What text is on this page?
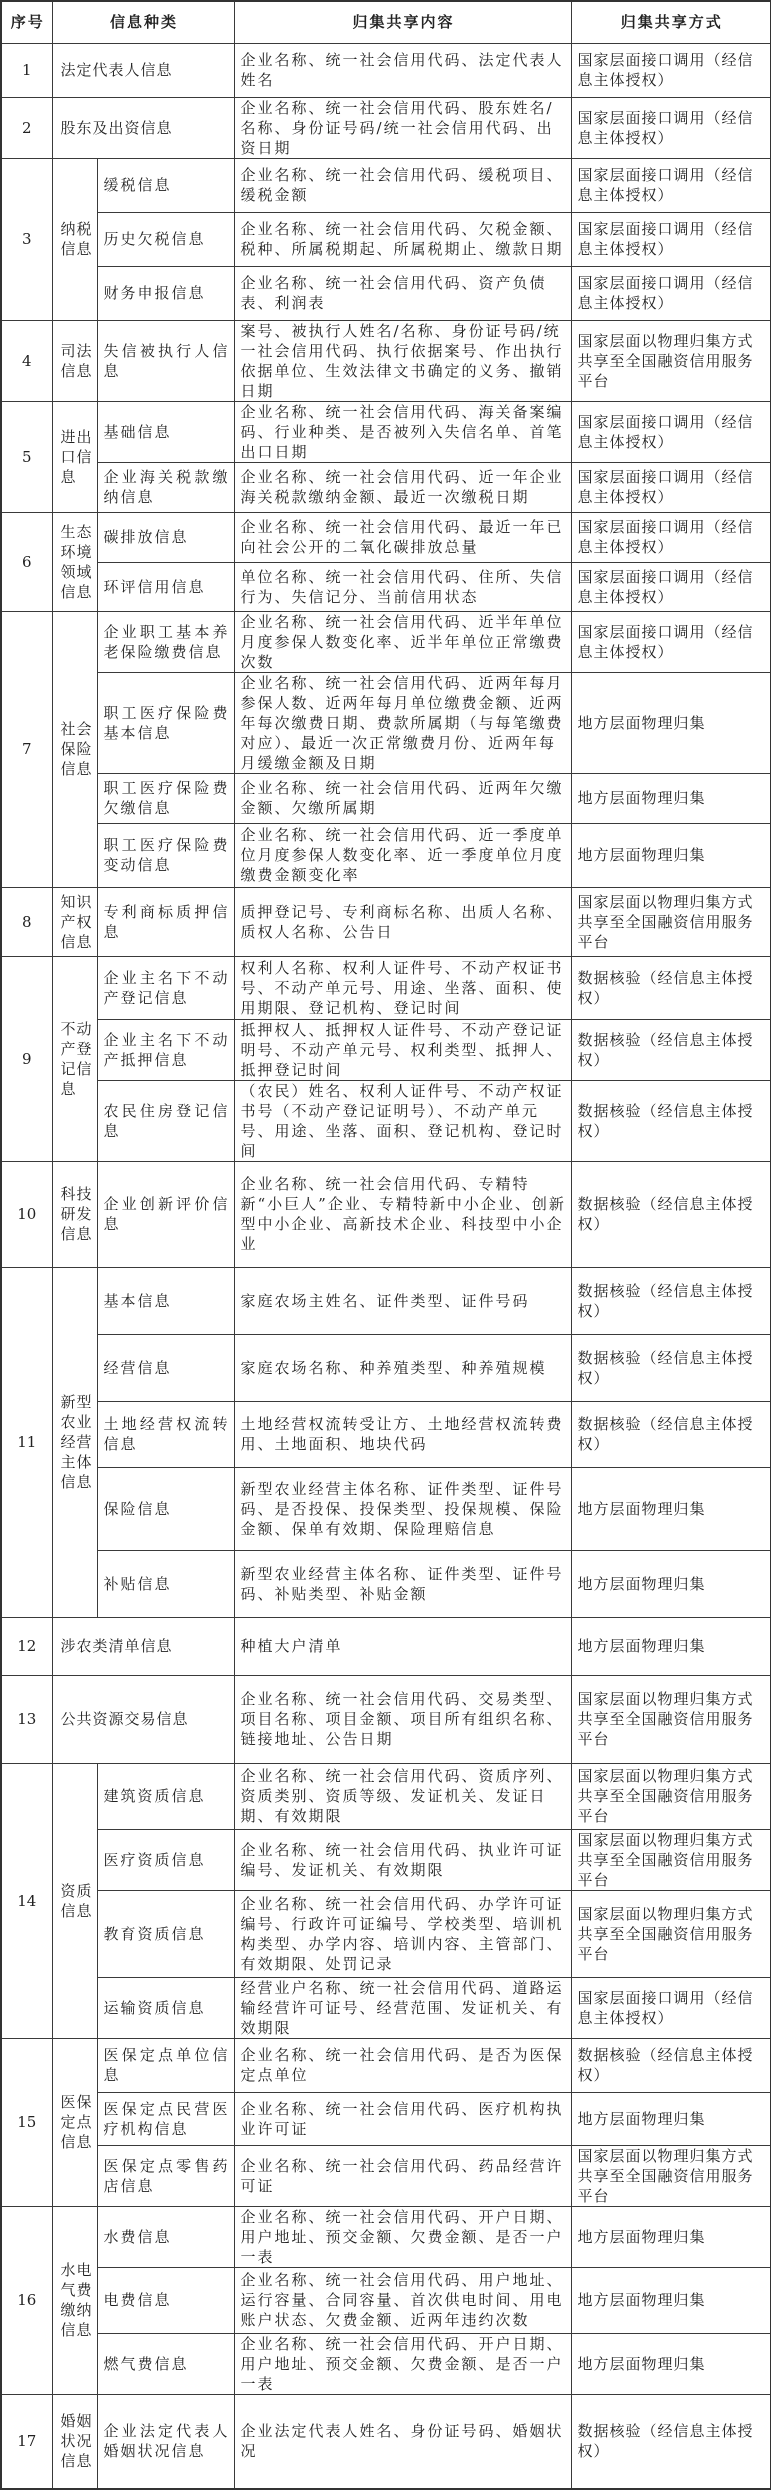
序号	信息种类		归集共享内容	归集共享方式
1	法定代表人信息		企业名称、统一社会信用代码、法定代表人姓名	国家层面接口调用（经信息主体授权）
2	股东及出资信息		企业名称、统一社会信用代码、股东姓名/名称、身份证号码/统一社会信用代码、出资日期	国家层面接口调用（经信息主体授权）
3	纳税信息	缓税信息	企业名称、统一社会信用代码、缓税项目、缓税金额	国家层面接口调用（经信息主体授权）
		历史欠税信息	企业名称、统一社会信用代码、欠税金额、税种、所属税期起、所属税期止、缴款日期	国家层面接口调用（经信息主体授权）
		财务申报信息	企业名称、统一社会信用代码、资产负债表、利润表	国家层面接口调用（经信息主体授权）
4	司法信息	失信被执行人信息	案号、被执行人姓名/名称、身份证号码/统一社会信用代码、执行依据案号、作出执行依据单位、生效法律文书确定的义务、撤销日期	国家层面以物理归集方式共享至全国融资信用服务平台
5	进出口信息	基础信息	企业名称、统一社会信用代码、海关备案编码、行业种类、是否被列入失信名单、首笔出口日期	国家层面接口调用（经信息主体授权）
		企业海关税款缴纳信息	企业名称、统一社会信用代码、近一年企业海关税款缴纳金额、最近一次缴税日期	国家层面接口调用（经信息主体授权）
6	生态环境领域信息	碳排放信息	企业名称、统一社会信用代码、最近一年已向社会公开的二氧化碳排放总量	国家层面接口调用（经信息主体授权）
		环评信用信息	单位名称、统一社会信用代码、住所、失信行为、失信记分、当前信用状态	国家层面接口调用（经信息主体授权）
7	社会保险信息	企业职工基本养老保险缴费信息	企业名称、统一社会信用代码、近半年单位月度参保人数变化率、近半年单位正常缴费次数	国家层面接口调用（经信息主体授权）
		职工医疗保险费基本信息	企业名称、统一社会信用代码、近两年每月参保人数、近两年每月单位缴费金额、近两年每次缴费日期、费款所属期（与每笔缴费对应）、最近一次正常缴费月份、近两年每月缓缴金额及日期	地方层面物理归集
		职工医疗保险费欠缴信息	企业名称、统一社会信用代码、近两年欠缴金额、欠缴所属期	地方层面物理归集
		职工医疗保险费变动信息	企业名称、统一社会信用代码、近一季度单位月度参保人数变化率、近一季度单位月度缴费金额变化率	地方层面物理归集
8	知识产权信息	专利商标质押信息	质押登记号、专利商标名称、出质人名称、质权人名称、公告日	国家层面以物理归集方式共享至全国融资信用服务平台
9	不动产登记信息	企业主名下不动产登记信息	权利人名称、权利人证件号、不动产权证书号、不动产单元号、用途、坐落、面积、使用期限、登记机构、登记时间	数据核验（经信息主体授权）
		企业主名下不动产抵押信息	抵押权人、抵押权人证件号、不动产登记证明号、不动产单元号、权利类型、抵押人、抵押登记时间	数据核验（经信息主体授权）
		农民住房登记信息	（农民）姓名、权利人证件号、不动产权证书号（不动产登记证明号）、不动产单元号、用途、坐落、面积、登记机构、登记时间	数据核验（经信息主体授权）
10	科技研发信息	企业创新评价信息	企业名称、统一社会信用代码、专精特新“小巨人”企业、专精特新中小企业、创新型中小企业、高新技术企业、科技型中小企业	数据核验（经信息主体授权）
11	新型农业经营主体信息	基本信息	家庭农场主姓名、证件类型、证件号码	数据核验（经信息主体授权）
		经营信息	家庭农场名称、种养殖类型、种养殖规模	数据核验（经信息主体授权）
		土地经营权流转信息	土地经营权流转受让方、土地经营权流转费用、土地面积、地块代码	数据核验（经信息主体授权）
		保险信息	新型农业经营主体名称、证件类型、证件号码、是否投保、投保类型、投保规模、保险金额、保单有效期、保险理赔信息	地方层面物理归集
		补贴信息	新型农业经营主体名称、证件类型、证件号码、补贴类型、补贴金额	地方层面物理归集
12	涉农类清单信息		种植大户清单	地方层面物理归集
13	公共资源交易信息		企业名称、统一社会信用代码、交易类型、项目名称、项目金额、项目所有组织名称、链接地址、公告日期	国家层面以物理归集方式共享至全国融资信用服务平台
14	资质信息	建筑资质信息	企业名称、统一社会信用代码、资质序列、资质类别、资质等级、发证机关、发证日期、有效期限	国家层面以物理归集方式共享至全国融资信用服务平台
		医疗资质信息	企业名称、统一社会信用代码、执业许可证编号、发证机关、有效期限	国家层面以物理归集方式共享至全国融资信用服务平台
		教育资质信息	企业名称、统一社会信用代码、办学许可证编号、行政许可证编号、学校类型、培训机构类型、办学内容、培训内容、主管部门、有效期限、处罚记录	国家层面以物理归集方式共享至全国融资信用服务平台
		运输资质信息	经营业户名称、统一社会信用代码、道路运输经营许可证号、经营范围、发证机关、有效期限	国家层面接口调用（经信息主体授权）
15	医保定点信息	医保定点单位信息	企业名称、统一社会信用代码、是否为医保定点单位	数据核验（经信息主体授权）
		医保定点民营医疗机构信息	企业名称、统一社会信用代码、医疗机构执业许可证	地方层面物理归集
		医保定点零售药店信息	企业名称、统一社会信用代码、药品经营许可证	国家层面以物理归集方式共享至全国融资信用服务平台
16	水电气费缴纳信息	水费信息	企业名称、统一社会信用代码、开户日期、用户地址、预交金额、欠费金额、是否一户一表	地方层面物理归集
		电费信息	企业名称、统一社会信用代码、用户地址、运行容量、合同容量、首次供电时间、用电账户状态、欠费金额、近两年违约次数	地方层面物理归集
		燃气费信息	企业名称、统一社会信用代码、开户日期、用户地址、预交金额、欠费金额、是否一户一表	地方层面物理归集
17	婚姻状况信息	企业法定代表人婚姻状况信息	企业法定代表人姓名、身份证号码、婚姻状况	数据核验（经信息主体授权）
